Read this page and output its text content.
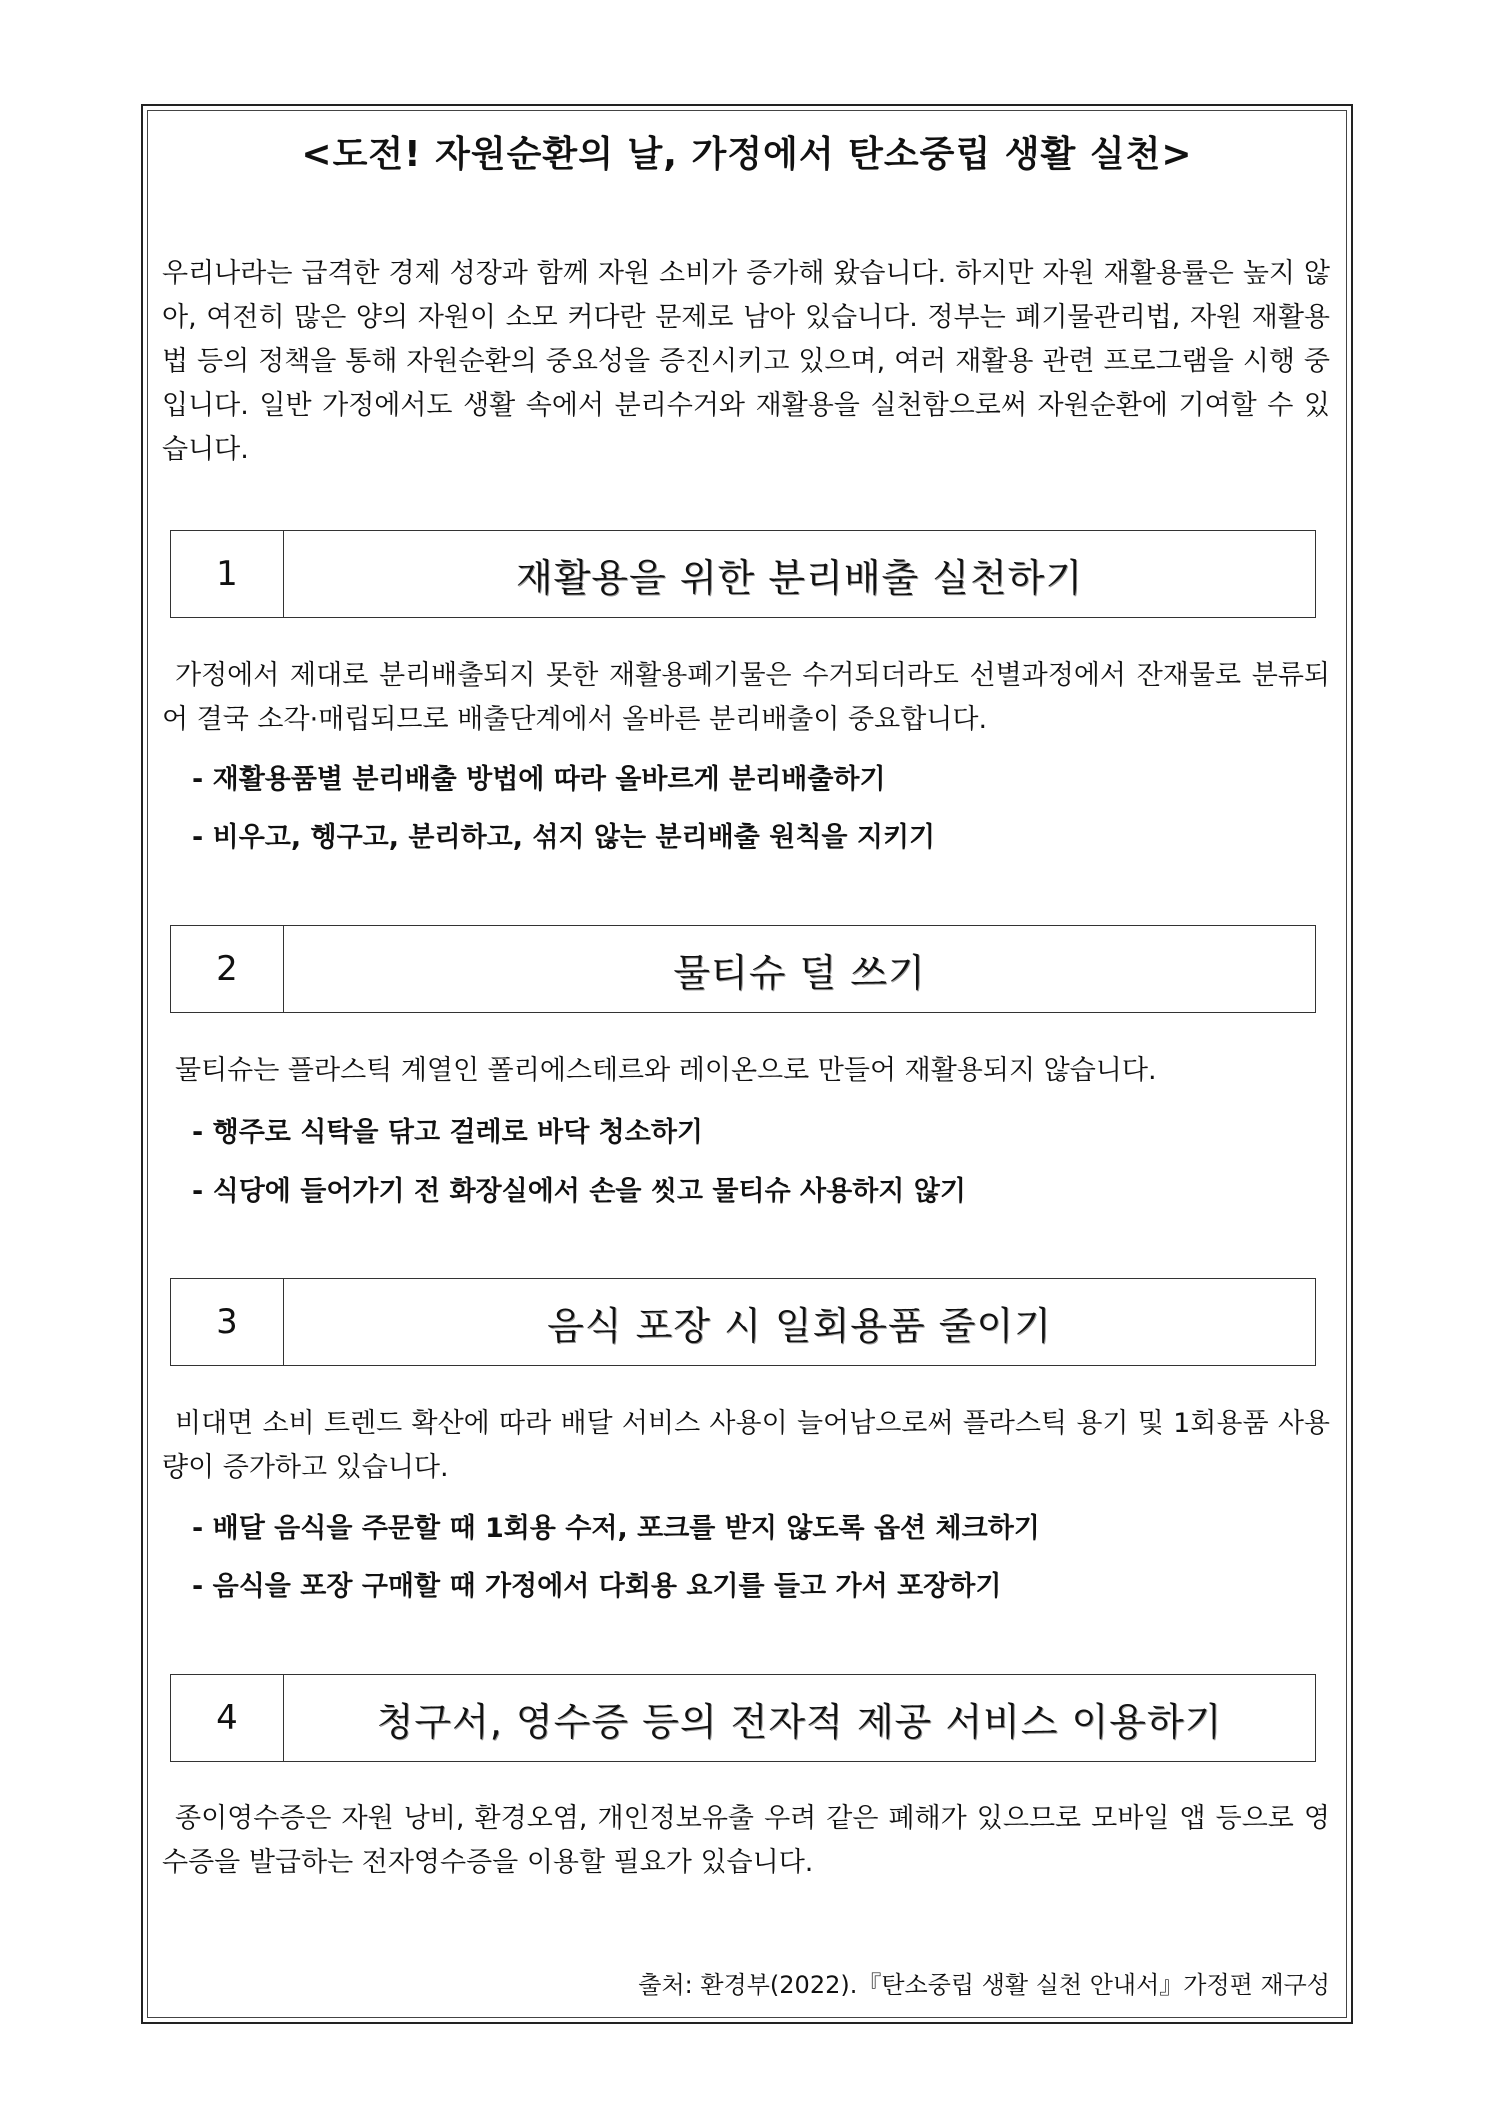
<도전! 자원순환의 날, 가정에서 탄소중립 생활 실천>

우리나라는 급격한 경제 성장과 함께 자원 소비가 증가해 왔습니다. 하지만 자원 재활용률은 높지 않아, 여전히 많은 양의 자원이 소모 커다란 문제로 남아 있습니다. 정부는 폐기물관리법, 자원 재활용법 등의 정책을 통해 자원순환의 중요성을 증진시키고 있으며, 여러 재활용 관련 프로그램을 시행 중입니다. 일반 가정에서도 생활 속에서 분리수거와 재활용을 실천함으로써 자원순환에 기여할 수 있습니다.

1	재활용을 위한 분리배출 실천하기

가정에서 제대로 분리배출되지 못한 재활용폐기물은 수거되더라도 선별과정에서 잔재물로 분류되어 결국 소각·매립되므로 배출단계에서 올바른 분리배출이 중요합니다.

- 재활용품별 분리배출 방법에 따라 올바르게 분리배출하기

- 비우고, 헹구고, 분리하고, 섞지 않는 분리배출 원칙을 지키기

2	물티슈 덜 쓰기

물티슈는 플라스틱 계열인 폴리에스테르와 레이온으로 만들어 재활용되지 않습니다.

- 행주로 식탁을 닦고 걸레로 바닥 청소하기

- 식당에 들어가기 전 화장실에서 손을 씻고 물티슈 사용하지 않기

3	음식 포장 시 일회용품 줄이기

비대면 소비 트렌드 확산에 따라 배달 서비스 사용이 늘어남으로써 플라스틱 용기 및 1회용품 사용량이 증가하고 있습니다.

- 배달 음식을 주문할 때 1회용 수저, 포크를 받지 않도록 옵션 체크하기

- 음식을 포장 구매할 때 가정에서 다회용 요기를 들고 가서 포장하기

4	청구서, 영수증 등의 전자적 제공 서비스 이용하기

종이영수증은 자원 낭비, 환경오염, 개인정보유출 우려 같은 폐해가 있으므로 모바일 앱 등으로 영수증을 발급하는 전자영수증을 이용할 필요가 있습니다.

출처: 환경부(2022).『탄소중립 생활 실천 안내서』가정편 재구성
